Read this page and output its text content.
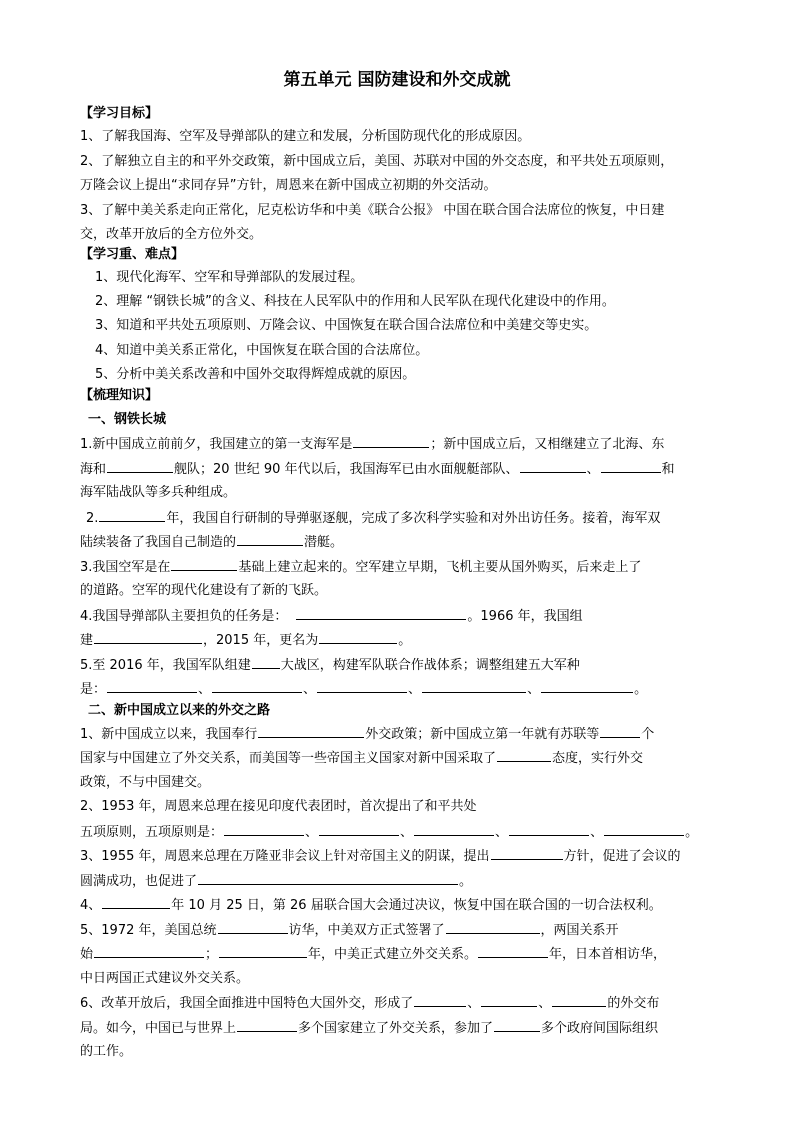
第五单元 国防建设和外交成就
【学习目标】
1、了解我国海、空军及导弹部队的建立和发展，分析国防现代化的形成原因。
2、了解独立自主的和平外交政策，新中国成立后，美国、苏联对中国的外交态度，和平共处五项原则，
万隆会议上提出“求同存异”方针，周恩来在新中国成立初期的外交活动。
3、了解中美关系走向正常化，尼克松访华和中美《联合公报》 中国在联合国合法席位的恢复，中日建
交，改革开放后的全方位外交。
【学习重、难点】
1、现代化海军、空军和导弹部队的发展过程。
2、理解 “钢铁长城”的含义、科技在人民军队中的作用和人民军队在现代化建设中的作用。
3、知道和平共处五项原则、万隆会议、中国恢复在联合国合法席位和中美建交等史实。
4、知道中美关系正常化，中国恢复在联合国的合法席位。
5、分析中美关系改善和中国外交取得辉煌成就的原因。
【梳理知识】
一、钢铁长城
1.新中国成立前前夕，我国建立的第一支海军是	；新中国成立后，又相继建立了北海、东
海和	舰队；20 世纪 90 年代以后，我国海军已由水面舰艇部队、	、	和
海军陆战队等多兵种组成。
2.	年，我国自行研制的导弹驱逐舰，完成了多次科学实验和对外出访任务。接着，海军双
陆续装备了我国自己制造的	潜艇。
3.我国空军是在	基础上建立起来的。空军建立早期，飞机主要从国外购买，后来走上了
的道路。空军的现代化建设有了新的飞跃。
4.我国导弹部队主要担负的任务是：	。1966 年，我国组
建	，2015 年，更名为	。
5.至 2016 年，我国军队组建 大战区，构建军队联合作战体系；调整组建五大军种
是：	、	、	、	、	。
二、新中国成立以来的外交之路
1、新中国成立以来，我国奉行	外交政策；新中国成立第一年就有苏联等	个
国家与中国建立了外交关系，而美国等一些帝国主义国家对新中国采取了	态度，实行外交
政策，不与中国建交。
2、1953 年，周恩来总理在接见印度代表团时，首次提出了和平共处
五项原则，五项原则是：	、	、	、	、	。
3、1955 年，周恩来总理在万隆亚非会议上针对帝国主义的阴谋，提出	方针，促进了会议的
圆满成功，也促进了	。
4、	年 10 月 25 日，第 26 届联合国大会通过决议，恢复中国在联合国的一切合法权利。
5、1972 年，美国总统	访华，中美双方正式签署了	，两国关系开
始	；	年，中美正式建立外交关系。	年，日本首相访华，
中日两国正式建议外交关系。
6、改革开放后，我国全面推进中国特色大国外交，形成了	、	、	的外交布
局。如今，中国已与世界上	多个国家建立了外交关系，参加了	多个政府间国际组织
的工作。
